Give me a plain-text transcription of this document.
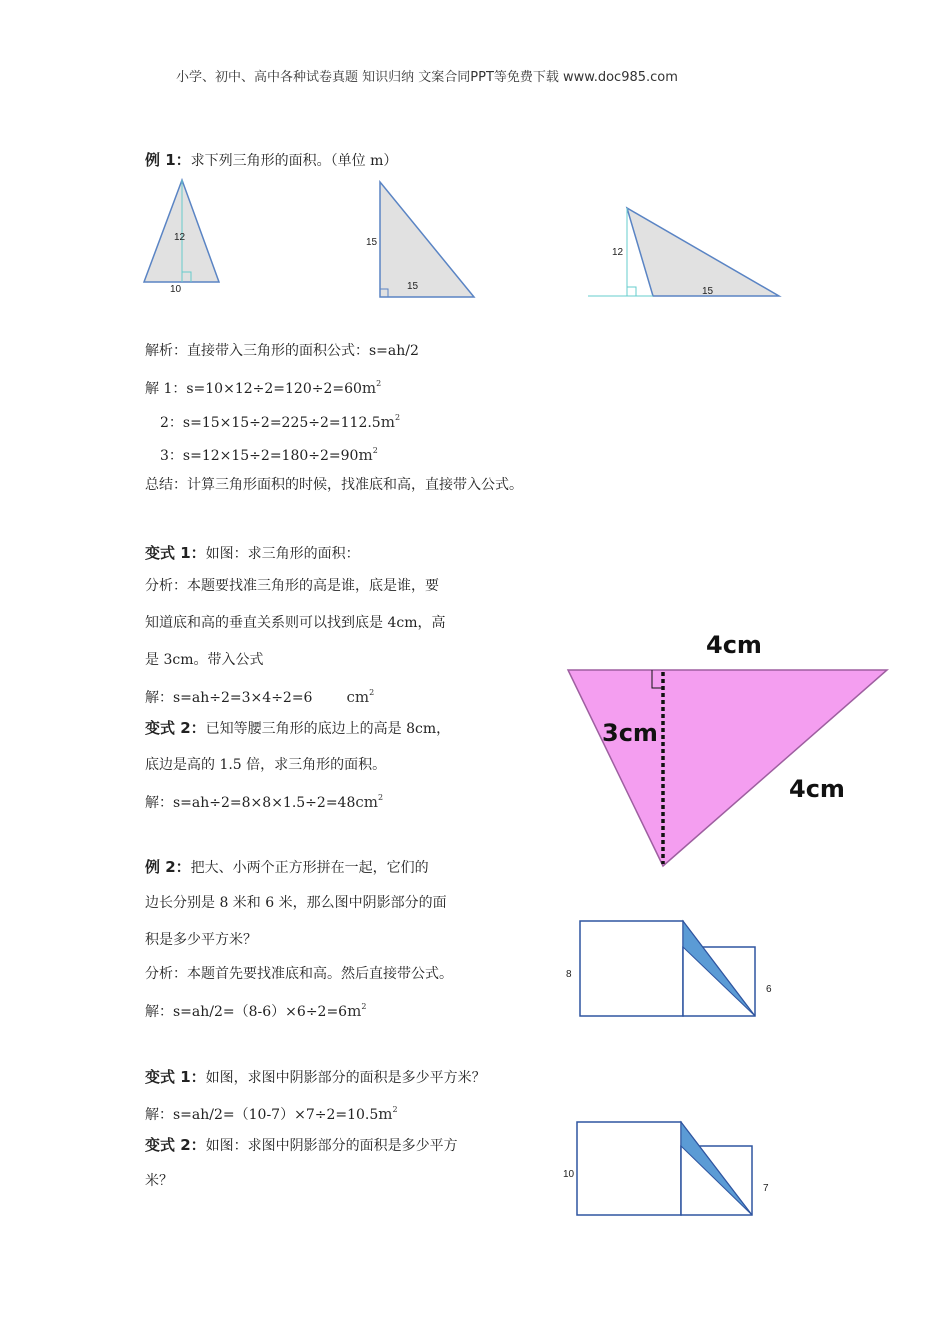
小学、初中、高中各种试卷真题 知识归纳 文案合同PPT等免费下载 www.doc985.com
例 1：求下列三角形的面积。（单位 m）
12
10
15
15
12
15
解析：直接带入三角形的面积公式：s=ah/2
解 1：$s=10\times 12\div 2=120\div 2=60m^2$
2：$s=15\times 15\div 2=225\div 2=112.5m^2$
3：$s=12\times 15\div 2=180\div 2=90m^2$
总结：计算三角形面积的时候，找准底和高，直接带入公式。
变式 1：如图：求三角形的面积：
分析：本题要找准三角形的高是谁，底是谁，要
知道底和高的垂直关系则可以找到底是 4cm，高
是 3cm。带入公式
解：s=ah÷2=3×4÷2=6 $cm^2$
4cm
3cm
4cm
变式 2：已知等腰三角形的底边上的高是 8cm，
底边是高的 1.5 倍，求三角形的面积。
解：$s=ah\div 2=8\times 8\times 1.5\div 2=48cm^2$
例 2：把大、小两个正方形拼在一起，它们的
边长分别是 8 米和 6 米，那么图中阴影部分的面
积是多少平方米？
分析：本题首先要找准底和高。然后直接带公式。
解：$s=ah/2=(8-6)\times 6\div 2=6m^2$
8
6
变式 1：如图，求图中阴影部分的面积是多少平方米？
解：$s=ah/2=(10-7)\times 7\div 2=10.5m^2$
变式 2：如图：求图中阴影部分的面积是多少平方
米？	10
7
